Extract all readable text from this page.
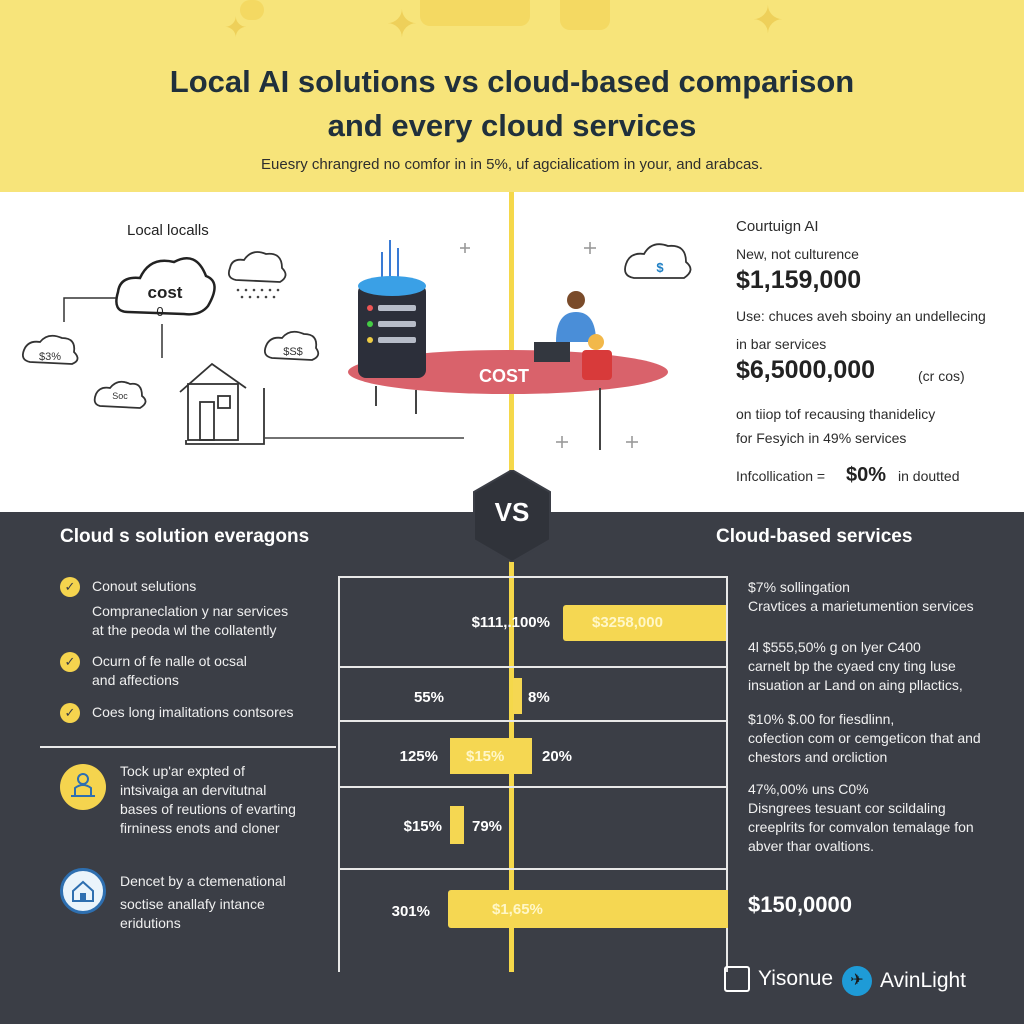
✦	✦
✦
Local AI solutions vs cloud-based comparison
and every cloud services
Euesry chrangred no comfor in in 5%, uf agcialicatiom in your, and arabcas.
Local localls
cost
0
$3%	$S$
Soc
$
COST
Courtuign AI
New, not culturence
$1,159,000
Use: chuces aveh sboiny an undellecing
in bar services
$6,5000,000	(cr cos)
on tiiop tof recausing thanidelicy
for Fesyich in 49% services
Infcollication = $0% in doutted
VS
Cloud s solution everagons	Cloud-based services
✓	Conout selutions
Compraneclation y nar services
at the peoda wl the collatently
✓	Ocurn of fe nalle ot ocsal
and affections
✓	Coes long imalitations contsores
Tock up'ar expted of
intsivaiga an dervitutnal
bases of reutions of evarting
firniness enots and cloner
Dencet by a ctemenational
soctise anallafy intance
eridutions
$111,.100%	$3258,000
55%	8%
125% $15%	20%
$15% 79%
301%	$1,65%
$7% sollingation
Cravtices a marietumention services
4l $555,50% g on lyer C400
carnelt bp the cyaed cny ting luse
insuation ar Land on aing pllactics,
$10% $.00 for fiesdlinn,
cofection com or cemgeticon that and
chestors and orcliction
47%,00% uns C0%
Disngrees tesuant cor scildaling
creeplrits for comvalon temalage fon
abver thar ovaltions.
$150,0000
Yisonue	✈ AvinLight
